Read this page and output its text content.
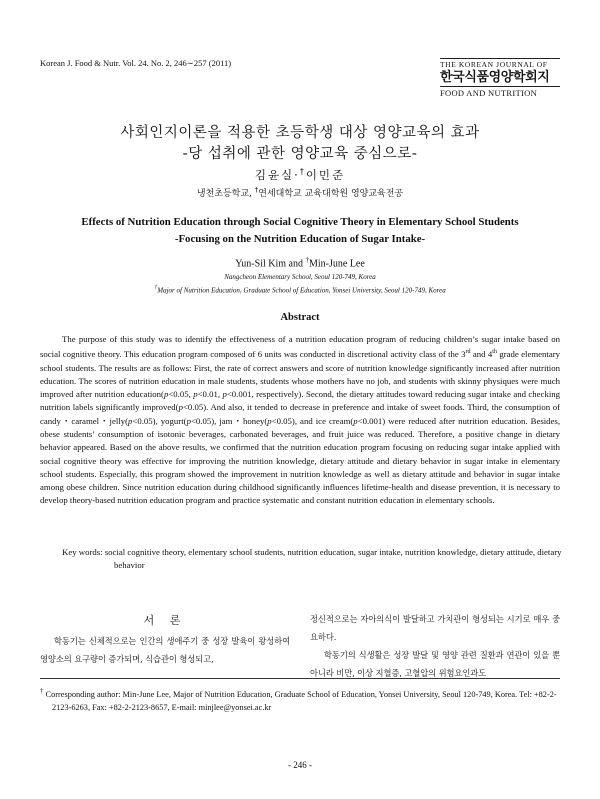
Korean J. Food & Nutr. Vol. 24. No. 2, 246∼257 (2011)	THE KOREAN JOURNAL OF
한국식품영양학회지
FOOD AND NUTRITION
사회인지이론을 적용한 초등학생 대상 영양교육의 효과
-당 섭취에 관한 영양교육 중심으로-
김윤실·†이민준
냉천초등학교, †연세대학교 교육대학원 영양교육전공
Effects of Nutrition Education through Social Cognitive Theory in Elementary School Students
-Focusing on the Nutrition Education of Sugar Intake-
Yun-Sil Kim and †Min-June Lee
Nangcheon Elementary School, Seoul 120-749, Korea
†Major of Nutrition Education, Graduate School of Education, Yonsei University, Seoul 120-749, Korea
Abstract

The purpose of this study was to identify the effectiveness of a nutrition education program of reducing children’s sugar intake based on social cognitive theory. This education program composed of 6 units was conducted in discretional activity class of the 3rd and 4th grade elementary school students. The results are as follows: First, the rate of correct answers and score of nutrition knowledge significantly increased after nutrition education. The scores of nutrition education in male students, students whose mothers have no job, and students with skinny physiques were much improved after nutrition education(p<0.05, p<0.01, p<0.001, respectively). Second, the dietary attitudes toward reducing sugar intake and checking nutrition labels significantly improved(p<0.05). And also, it tended to decrease in preference and intake of sweet foods. Third, the consumption of candy・caramel・jelly(p<0.05), yogurt(p<0.05), jam・honey(p<0.05), and ice cream(p<0.001) were reduced after nutrition education. Besides, obese students’ consumption of isotonic beverages, carbonated beverages, and fruit juice was reduced. Therefore, a positive change in dietary behavior appeared. Based on the above results, we confirmed that the nutrition education program focusing on reducing sugar intake applied with social cognitive theory was effective for improving the nutrition knowledge, dietary attitude and dietary behavior in sugar intake in elementary school students. Especially, this program showed the improvement in nutrition knowledge as well as dietary attitude and behavior in sugar intake among obese children. Since nutrition education during childhood significantly influences lifetime-health and disease prevention, it is necessary to develop theory-based nutrition education program and practice systematic and constant nutrition education in elementary schools.

Key words: social cognitive theory, elementary school students, nutrition education, sugar intake, nutrition knowledge, dietary attitude, dietary behavior

서 론

학동기는 신체적으로는 인간의 생애주기 중 성장 발육이 왕성하여 영양소의 요구량이 증가되며, 식습관이 형성되고,

정신적으로는 자아의식이 발달하고 가치관이 형성되는 시기로 매우 중요하다.

학동기의 식생활은 성장 발달 및 영양 관련 질환과 연관이 있을 뿐 아니라 비만, 이상 지혈증, 고혈압의 위험요인과도

† Corresponding author: Min-June Lee, Major of Nutrition Education, Graduate School of Education, Yonsei University, Seoul 120-749, Korea. Tel: +82-2-2123-6263, Fax: +82-2-2123-8657, E-mail: minjlee@yonsei.ac.kr

- 246 -
